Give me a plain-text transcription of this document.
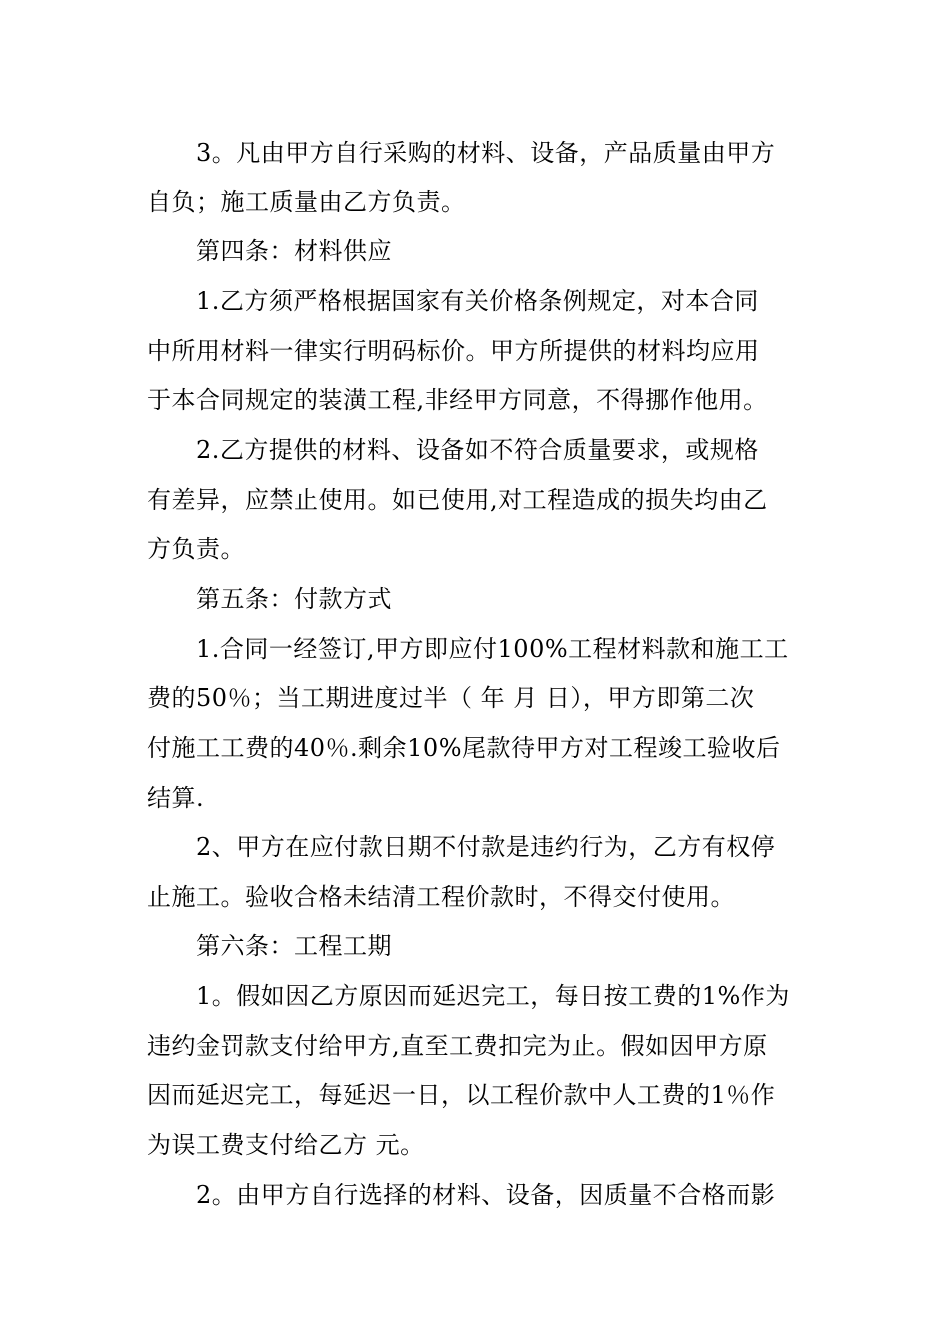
3。凡由甲方自行采购的材料、设备，产品质量由甲方
自负；施工质量由乙方负责。
第四条：材料供应
1.乙方须严格根据国家有关价格条例规定，对本合同
中所用材料一律实行明码标价。甲方所提供的材料均应用
于本合同规定的装潢工程,非经甲方同意，不得挪作他用。
2.乙方提供的材料、设备如不符合质量要求，或规格
有差异，应禁止使用。如已使用,对工程造成的损失均由乙
方负责。
第五条：付款方式
1.合同一经签订,甲方即应付100%工程材料款和施工工
费的50％；当工期进度过半（ 年 月 日），甲方即第二次
付施工工费的40％.剩余10%尾款待甲方对工程竣工验收后
结算.
2、甲方在应付款日期不付款是违约行为，乙方有权停
止施工。验收合格未结清工程价款时，不得交付使用。
第六条：工程工期
1。假如因乙方原因而延迟完工，每日按工费的1%作为
违约金罚款支付给甲方,直至工费扣完为止。假如因甲方原
因而延迟完工，每延迟一日，以工程价款中人工费的1％作
为误工费支付给乙方 元。
2。由甲方自行选择的材料、设备，因质量不合格而影
